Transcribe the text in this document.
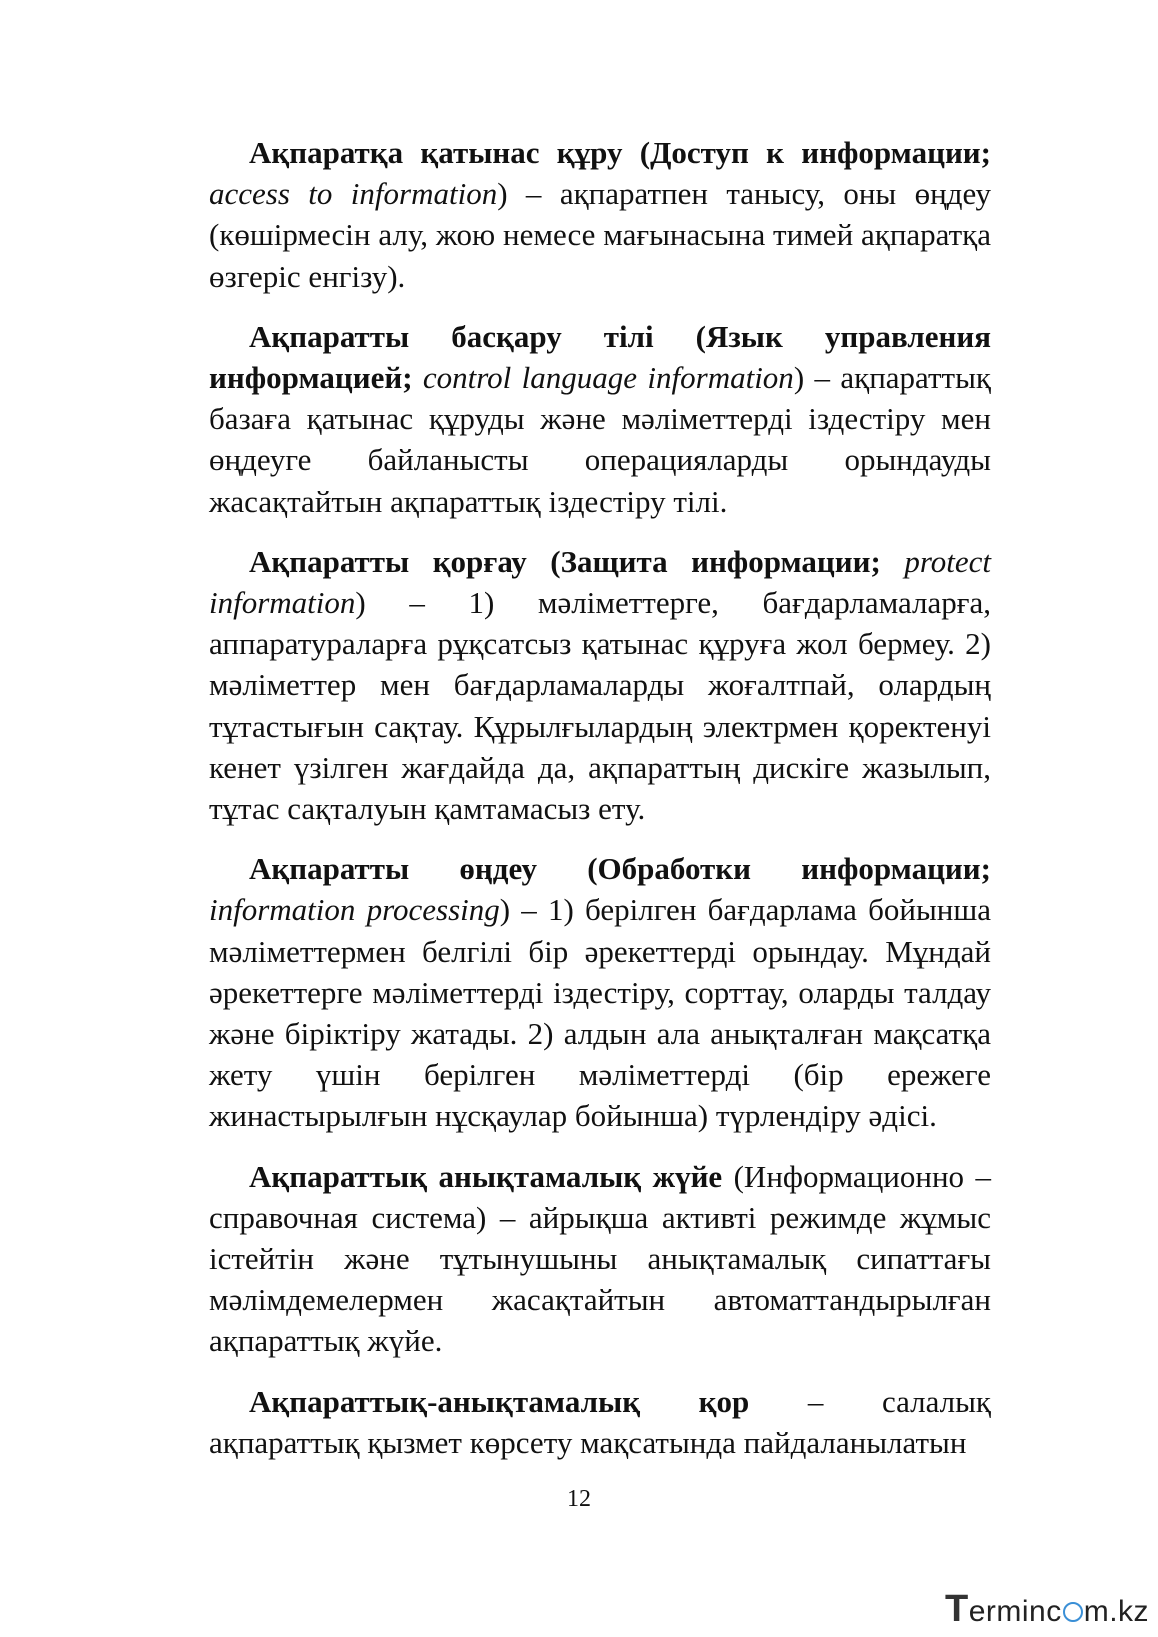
Ақпаратқа қатынас құру (Доступ к информации; access to information) – ақпаратпен танысу, оны өңдеу (көшірмесін алу, жою немесе мағынасына тимей ақпаратқа өзгеріс енгізу).

Ақпаратты басқару тілі (Язык управления информацией; control language information) – ақпараттық базаға қатынас құруды және мәліметтерді іздестіру мен өңдеуге байланысты операцияларды орындауды жасақтайтын ақпараттық іздестіру тілі.

Ақпаратты қорғау (Защита информации; protect information) – 1) мәліметтерге, бағдарламаларға, аппаратураларға рұқсатсыз қатынас құруға жол бермеу. 2) мәліметтер мен бағдарламаларды жоғалтпай, олардың тұтастығын сақтау. Құрылғылардың электрмен қоректенуі кенет үзілген жағдайда да, ақпараттың дискіге жазылып, тұтас сақталуын қамтамасыз ету.

Ақпаратты өңдеу (Обработки информации; information processing) – 1) берілген бағдарлама бойынша мәліметтермен белгілі бір әрекеттерді орындау. Мұндай әрекеттерге мәліметтерді іздестіру, сорттау, оларды талдау және біріктіру жатады. 2) алдын ала анықталған мақсатқа жету үшін берілген мәліметтерді (бір ережеге жинастырылғын нұсқаулар бойынша) түрлендіру әдісі.

Ақпараттық анықтамалық жүйе (Информационно – справочная система) – айрықша активті режимде жұмыс істейтін және тұтынушыны анықтамалық сипаттағы мәлімдемелермен жасақтайтын автоматтандырылған ақпараттық жүйе.

Ақпараттық-анықтамалық қор – салалық ақпараттық қызмет көрсету мақсатында пайдаланылатын

12
Terminc m.kz
